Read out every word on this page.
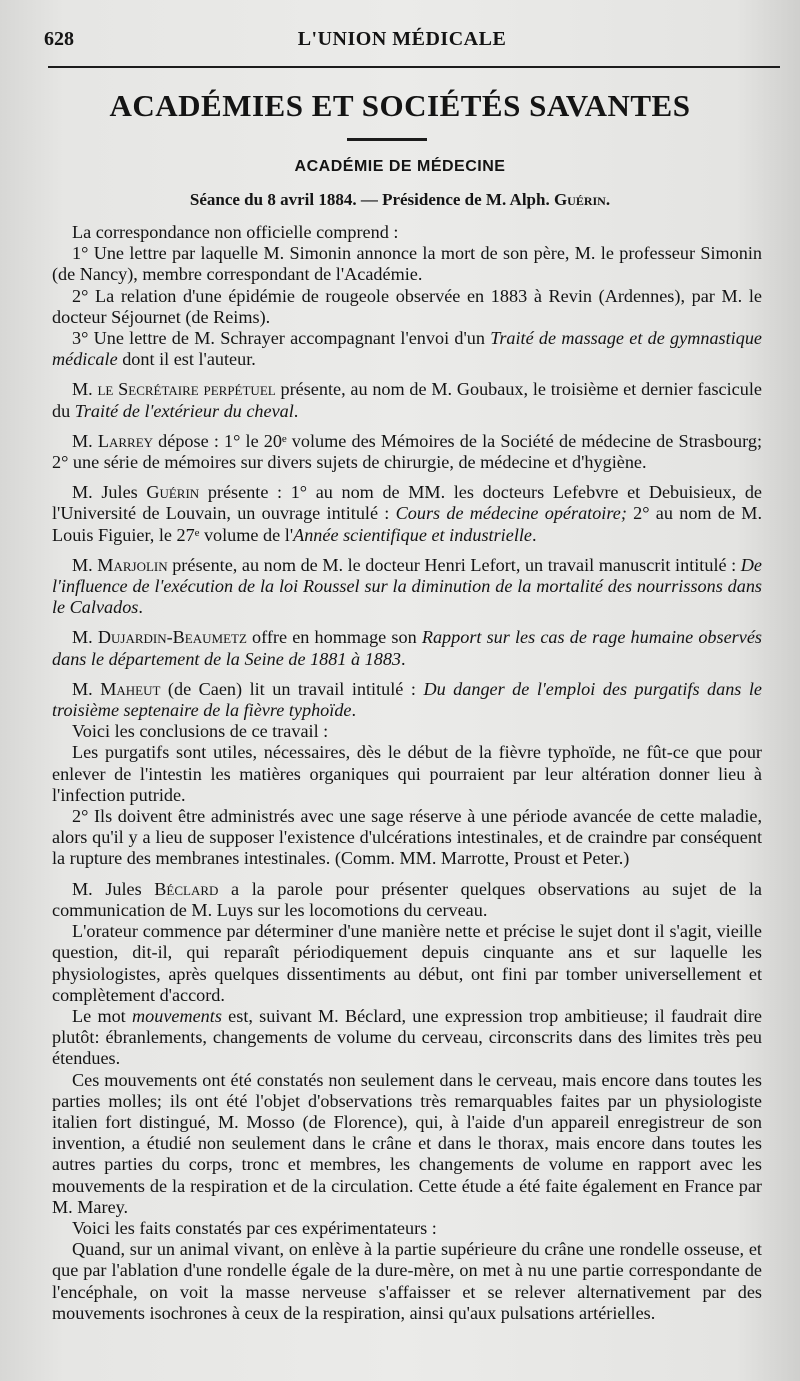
628	L'UNION MÉDICALE
ACADÉMIES ET SOCIÉTÉS SAVANTES
ACADÉMIE DE MÉDECINE
Séance du 8 avril 1884. — Présidence de M. Alph. Guérin.

La correspondance non officielle comprend :

1° Une lettre par laquelle M. Simonin annonce la mort de son père, M. le professeur Simonin (de Nancy), membre correspondant de l'Académie.

2° La relation d'une épidémie de rougeole observée en 1883 à Revin (Ardennes), par M. le docteur Séjournet (de Reims).

3° Une lettre de M. Schrayer accompagnant l'envoi d'un Traité de massage et de gymnastique médicale dont il est l'auteur.

M. le Secrétaire perpétuel présente, au nom de M. Goubaux, le troisième et dernier fascicule du Traité de l'extérieur du cheval.

M. Larrey dépose : 1° le 20ᵉ volume des Mémoires de la Société de médecine de Strasbourg; 2° une série de mémoires sur divers sujets de chirurgie, de médecine et d'hygiène.

M. Jules Guérin présente : 1° au nom de MM. les docteurs Lefebvre et Debuisieux, de l'Université de Louvain, un ouvrage intitulé : Cours de médecine opératoire; 2° au nom de M. Louis Figuier, le 27ᵉ volume de l'Année scientifique et industrielle.

M. Marjolin présente, au nom de M. le docteur Henri Lefort, un travail manuscrit intitulé : De l'influence de l'exécution de la loi Roussel sur la diminution de la mortalité des nourrissons dans le Calvados.

M. Dujardin-Beaumetz offre en hommage son Rapport sur les cas de rage humaine observés dans le département de la Seine de 1881 à 1883.

M. Maheut (de Caen) lit un travail intitulé : Du danger de l'emploi des purgatifs dans le troisième septenaire de la fièvre typhoïde.

Voici les conclusions de ce travail :

Les purgatifs sont utiles, nécessaires, dès le début de la fièvre typhoïde, ne fût-ce que pour enlever de l'intestin les matières organiques qui pourraient par leur altération donner lieu à l'infection putride.

2° Ils doivent être administrés avec une sage réserve à une période avancée de cette maladie, alors qu'il y a lieu de supposer l'existence d'ulcérations intestinales, et de craindre par conséquent la rupture des membranes intestinales. (Comm. MM. Marrotte, Proust et Peter.)

M. Jules Béclard a la parole pour présenter quelques observations au sujet de la communication de M. Luys sur les locomotions du cerveau.

L'orateur commence par déterminer d'une manière nette et précise le sujet dont il s'agit, vieille question, dit-il, qui reparaît périodiquement depuis cinquante ans et sur laquelle les physiologistes, après quelques dissentiments au début, ont fini par tomber universellement et complètement d'accord.

Le mot mouvements est, suivant M. Béclard, une expression trop ambitieuse; il faudrait dire plutôt: ébranlements, changements de volume du cerveau, circonscrits dans des limites très peu étendues.

Ces mouvements ont été constatés non seulement dans le cerveau, mais encore dans toutes les parties molles; ils ont été l'objet d'observations très remarquables faites par un physiologiste italien fort distingué, M. Mosso (de Florence), qui, à l'aide d'un appareil enregistreur de son invention, a étudié non seulement dans le crâne et dans le thorax, mais encore dans toutes les autres parties du corps, tronc et membres, les changements de volume en rapport avec les mouvements de la respiration et de la circulation. Cette étude a été faite également en France par M. Marey.

Voici les faits constatés par ces expérimentateurs :

Quand, sur un animal vivant, on enlève à la partie supérieure du crâne une rondelle osseuse, et que par l'ablation d'une rondelle égale de la dure-mère, on met à nu une partie correspondante de l'encéphale, on voit la masse nerveuse s'affaisser et se relever alternativement par des mouvements isochrones à ceux de la respiration, ainsi qu'aux pulsations artérielles.
